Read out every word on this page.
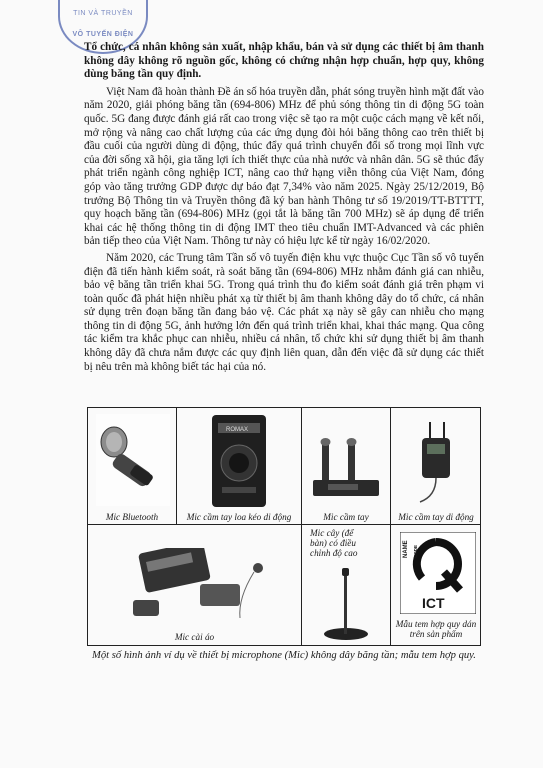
TIN VÀ TRUYỀN
VÔ TUYẾN ĐIỆN

Tổ chức, cá nhân không sản xuất, nhập khẩu, bán và sử dụng các thiết bị âm thanh không dây không rõ nguồn gốc, không có chứng nhận hợp chuẩn, hợp quy, không dùng băng tần quy định.

Việt Nam đã hoàn thành Đề án số hóa truyền dẫn, phát sóng truyền hình mặt đất vào năm 2020, giải phóng băng tần (694-806) MHz để phủ sóng thông tin di động 5G toàn quốc. 5G đang được đánh giá rất cao trong việc sẽ tạo ra một cuộc cách mạng về kết nối, mở rộng và nâng cao chất lượng của các ứng dụng đòi hỏi băng thông cao trên thiết bị đầu cuối của người dùng di động, thúc đẩy quá trình chuyển đổi số trong mọi lĩnh vực của đời sống xã hội, gia tăng lợi ích thiết thực của nhà nước và nhân dân. 5G sẽ thúc đẩy phát triển ngành công nghiệp ICT, nâng cao thứ hạng viễn thông của Việt Nam, đóng góp vào tăng trưởng GDP được dự báo đạt 7,34% vào năm 2025. Ngày 25/12/2019, Bộ trưởng Bộ Thông tin và Truyền thông đã ký ban hành Thông tư số 19/2019/TT-BTTTT, quy hoạch băng tần (694-806) MHz (gọi tắt là băng tần 700 MHz) sẽ áp dụng để triển khai các hệ thống thông tin di động IMT theo tiêu chuẩn IMT-Advanced và các phiên bản tiếp theo của Việt Nam. Thông tư này có hiệu lực kể từ ngày 16/02/2020.

Năm 2020, các Trung tâm Tần số vô tuyến điện khu vực thuộc Cục Tần số vô tuyến điện đã tiến hành kiểm soát, rà soát băng tần (694-806) MHz nhằm đánh giá can nhiễu, bảo vệ băng tần triển khai 5G. Trong quá trình thu đo kiểm soát đánh giá trên phạm vi toàn quốc đã phát hiện nhiều phát xạ từ thiết bị âm thanh không dây do tổ chức, cá nhân sử dụng trên đoạn băng tần đang bảo vệ. Các phát xạ này sẽ gây can nhiễu cho mạng thông tin di động 5G, ảnh hưởng lớn đến quá trình triển khai, khai thác mạng. Qua công tác kiểm tra khắc phục can nhiễu, nhiều cá nhân, tổ chức khi sử dụng thiết bị âm thanh không dây đã chưa nắm được các quy định liên quan, dẫn đến việc đã sử dụng các thiết bị nêu trên mà không biết tác hại của nó.

Mic Bluetooth
ROMAX
Mic cầm tay loa kéo di động	Mic cầm tay	Mic cầm tay di động
Mic cài áo
Mic cây (để bàn) có điều chỉnh độ cao	NAME CODE
ICT
Mẫu tem hợp quy dán trên sản phẩm
Một số hình ảnh ví dụ về thiết bị microphone (Mic) không dây băng tần; mẫu tem hợp quy.
